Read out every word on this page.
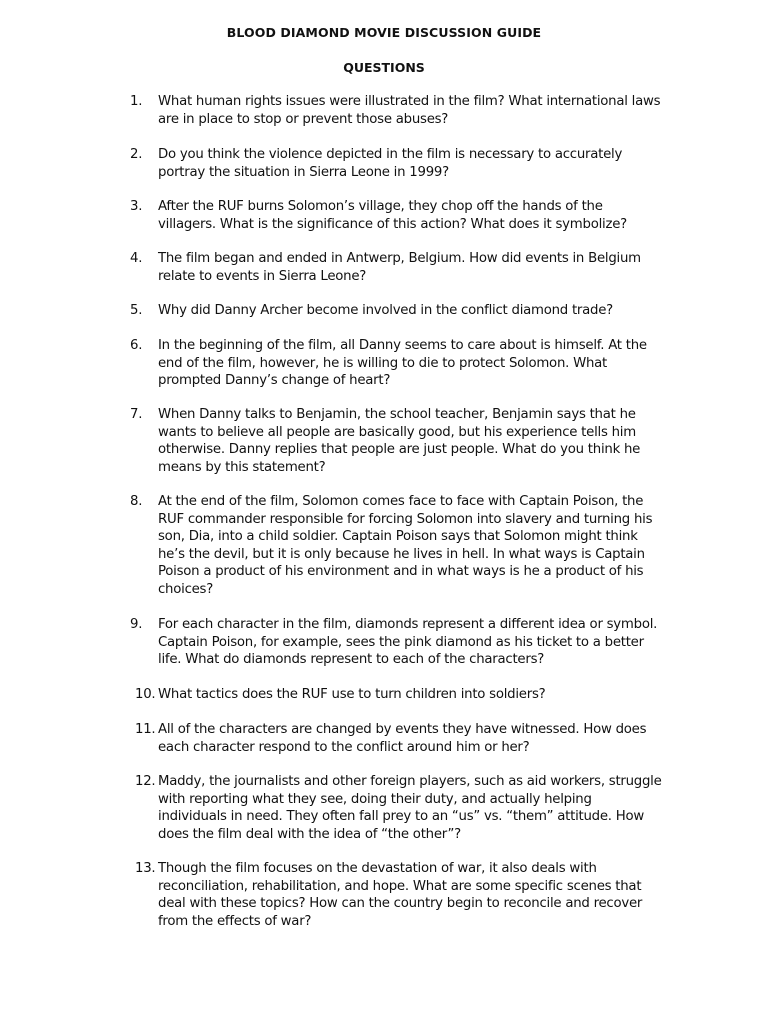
BLOOD DIAMOND MOVIE DISCUSSION GUIDE
QUESTIONS
1.	What human rights issues were illustrated in the film? What international laws are in place to stop or prevent those abuses?
2.	Do you think the violence depicted in the film is necessary to accurately portray the situation in Sierra Leone in 1999?
3.	After the RUF burns Solomon’s village, they chop off the hands of the villagers. What is the significance of this action? What does it symbolize?
4.	The film began and ended in Antwerp, Belgium. How did events in Belgium relate to events in Sierra Leone?
5.	Why did Danny Archer become involved in the conflict diamond trade?
6.	In the beginning of the film, all Danny seems to care about is himself. At the end of the film, however, he is willing to die to protect Solomon. What prompted Danny’s change of heart?
7.	When Danny talks to Benjamin, the school teacher, Benjamin says that he wants to believe all people are basically good, but his experience tells him otherwise. Danny replies that people are just people. What do you think he means by this statement?
8.	At the end of the film, Solomon comes face to face with Captain Poison, the RUF commander responsible for forcing Solomon into slavery and turning his son, Dia, into a child soldier. Captain Poison says that Solomon might think he’s the devil, but it is only because he lives in hell. In what ways is Captain Poison a product of his environment and in what ways is he a product of his choices?
9.	For each character in the film, diamonds represent a different idea or symbol. Captain Poison, for example, sees the pink diamond as his ticket to a better life. What do diamonds represent to each of the characters?
10. What tactics does the RUF use to turn children into soldiers?
11. All of the characters are changed by events they have witnessed. How does each character respond to the conflict around him or her?
12. Maddy, the journalists and other foreign players, such as aid workers, struggle with reporting what they see, doing their duty, and actually helping individuals in need. They often fall prey to an “us” vs. “them” attitude. How does the film deal with the idea of “the other”?
13. Though the film focuses on the devastation of war, it also deals with reconciliation, rehabilitation, and hope. What are some specific scenes that deal with these topics? How can the country begin to reconcile and recover from the effects of war?
